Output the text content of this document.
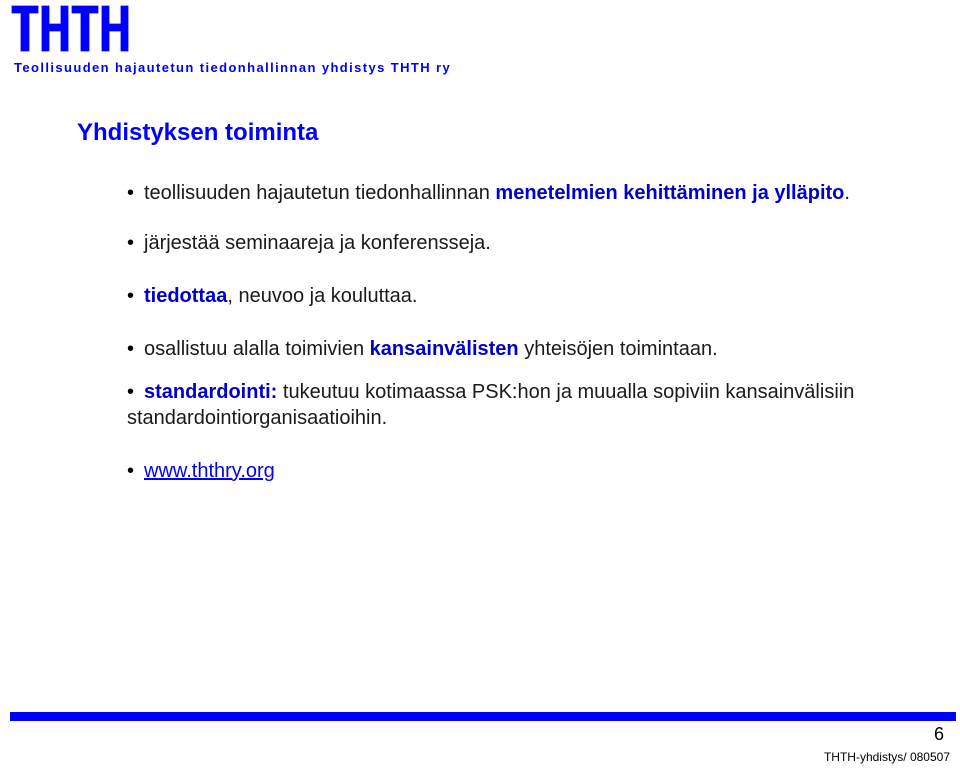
Teollisuuden hajautetun tiedonhallinnan yhdistys THTH ry
Yhdistyksen toiminta
• teollisuuden hajautetun tiedonhallinnan menetelmien kehittäminen ja ylläpito.
• järjestää seminaareja ja konferensseja.
• tiedottaa, neuvoo ja kouluttaa.
• osallistuu alalla toimivien kansainvälisten yhteisöjen toimintaan.
• standardointi: tukeutuu kotimaassa PSK:hon ja muualla sopiviin kansainvälisiin standardointiorganisaatioihin.
• www.ththry.org
6
THTH-yhdistys/ 080507
